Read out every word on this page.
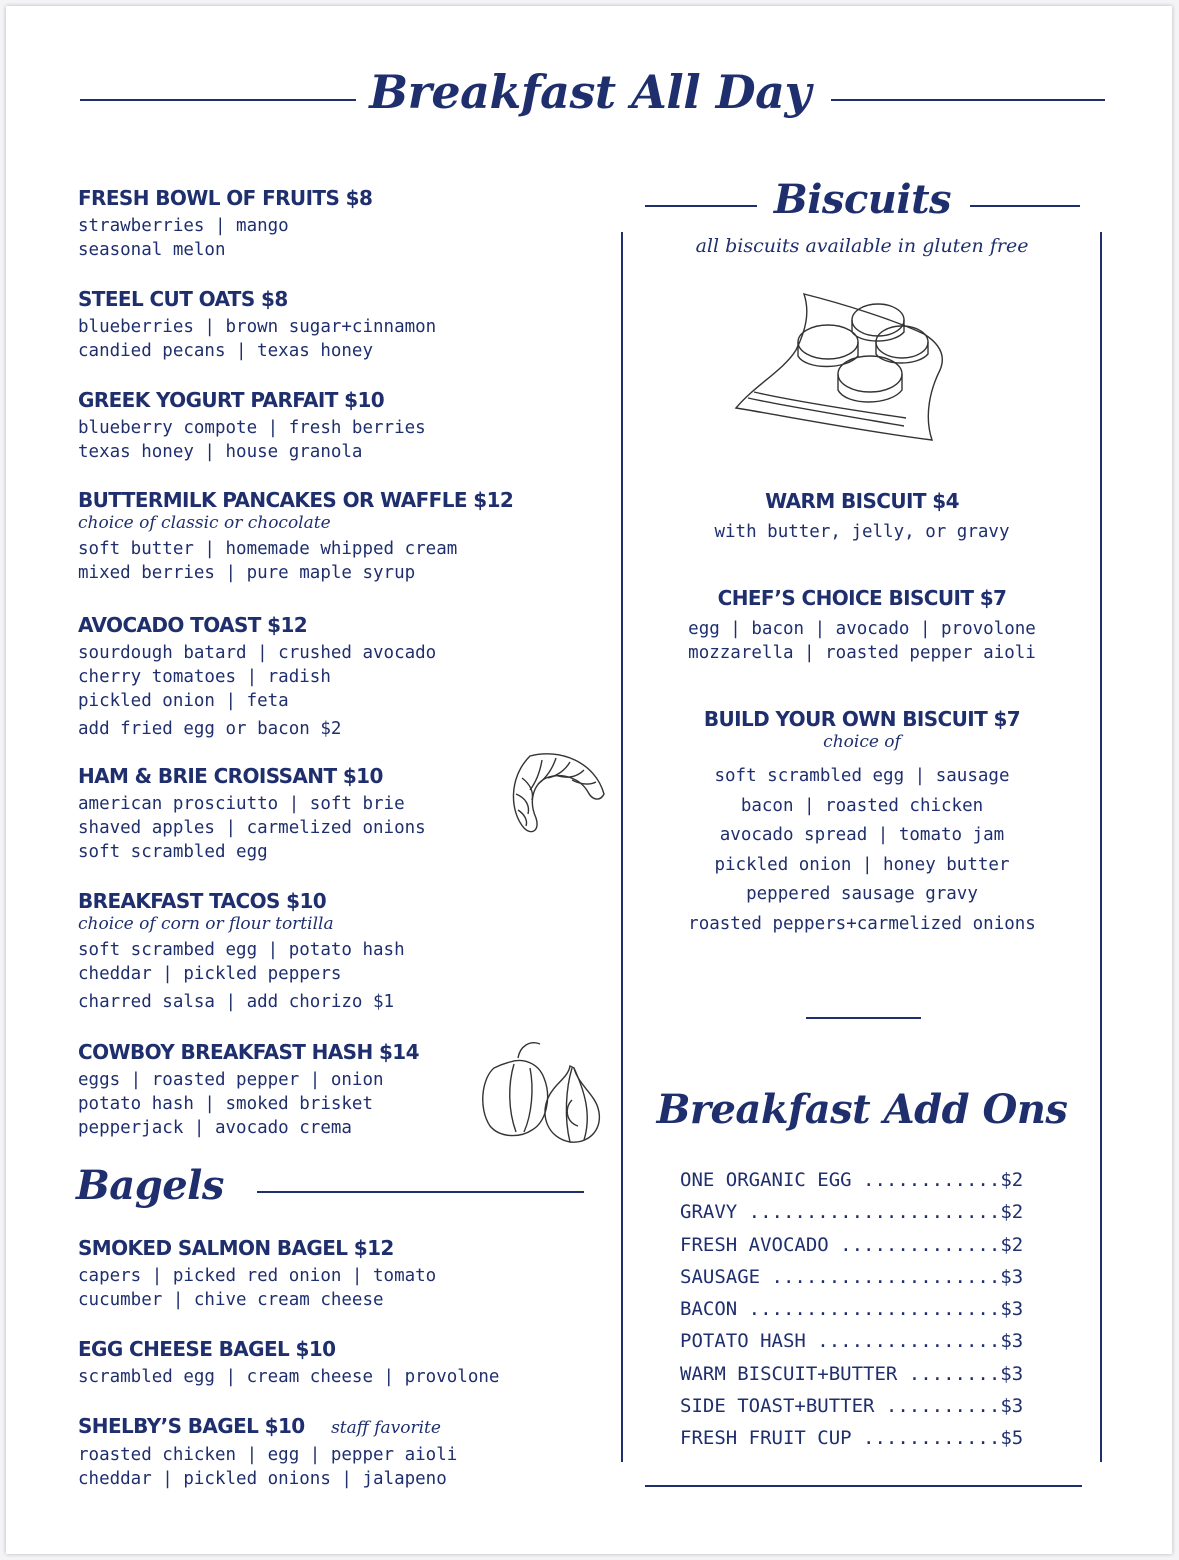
Breakfast All Day
FRESH BOWL OF FRUITS $8
strawberries | mango
seasonal melon
STEEL CUT OATS $8
blueberries | brown sugar+cinnamon
candied pecans | texas honey
GREEK YOGURT PARFAIT $10
blueberry compote | fresh berries
texas honey | house granola
BUTTERMILK PANCAKES OR WAFFLE $12
choice of classic or chocolate
soft butter | homemade whipped cream
mixed berries | pure maple syrup
AVOCADO TOAST $12
sourdough batard | crushed avocado
cherry tomatoes | radish
pickled onion | feta
add fried egg or bacon $2
HAM & BRIE CROISSANT $10
american prosciutto | soft brie
shaved apples | carmelized onions
soft scrambled egg
BREAKFAST TACOS $10
choice of corn or flour tortilla
soft scrambed egg | potato hash
cheddar | pickled peppers
charred salsa | add chorizo $1
COWBOY BREAKFAST HASH $14
eggs | roasted pepper | onion
potato hash | smoked brisket
pepperjack | avocado crema
Bagels
SMOKED SALMON BAGEL $12
capers | picked red onion | tomato
cucumber | chive cream cheese
EGG CHEESE BAGEL $10
scrambled egg | cream cheese | provolone
SHELBY’S BAGEL $10 staff favorite
roasted chicken | egg | pepper aioli
cheddar | pickled onions | jalapeno
Biscuits
all biscuits available in gluten free
WARM BISCUIT $4
with butter, jelly, or gravy
CHEF’S CHOICE BISCUIT $7
egg | bacon | avocado | provolone
mozzarella | roasted pepper aioli
BUILD YOUR OWN BISCUIT $7
choice of
soft scrambled egg | sausage
bacon | roasted chicken
avocado spread | tomato jam
pickled onion | honey butter
peppered sausage gravy
roasted peppers+carmelized onions
Breakfast Add Ons
ONE ORGANIC EGG ............$2
GRAVY ......................$2
FRESH AVOCADO ..............$2
SAUSAGE ....................$3
BACON ......................$3
POTATO HASH ................$3
WARM BISCUIT+BUTTER ........$3
SIDE TOAST+BUTTER ..........$3
FRESH FRUIT CUP ............$5
